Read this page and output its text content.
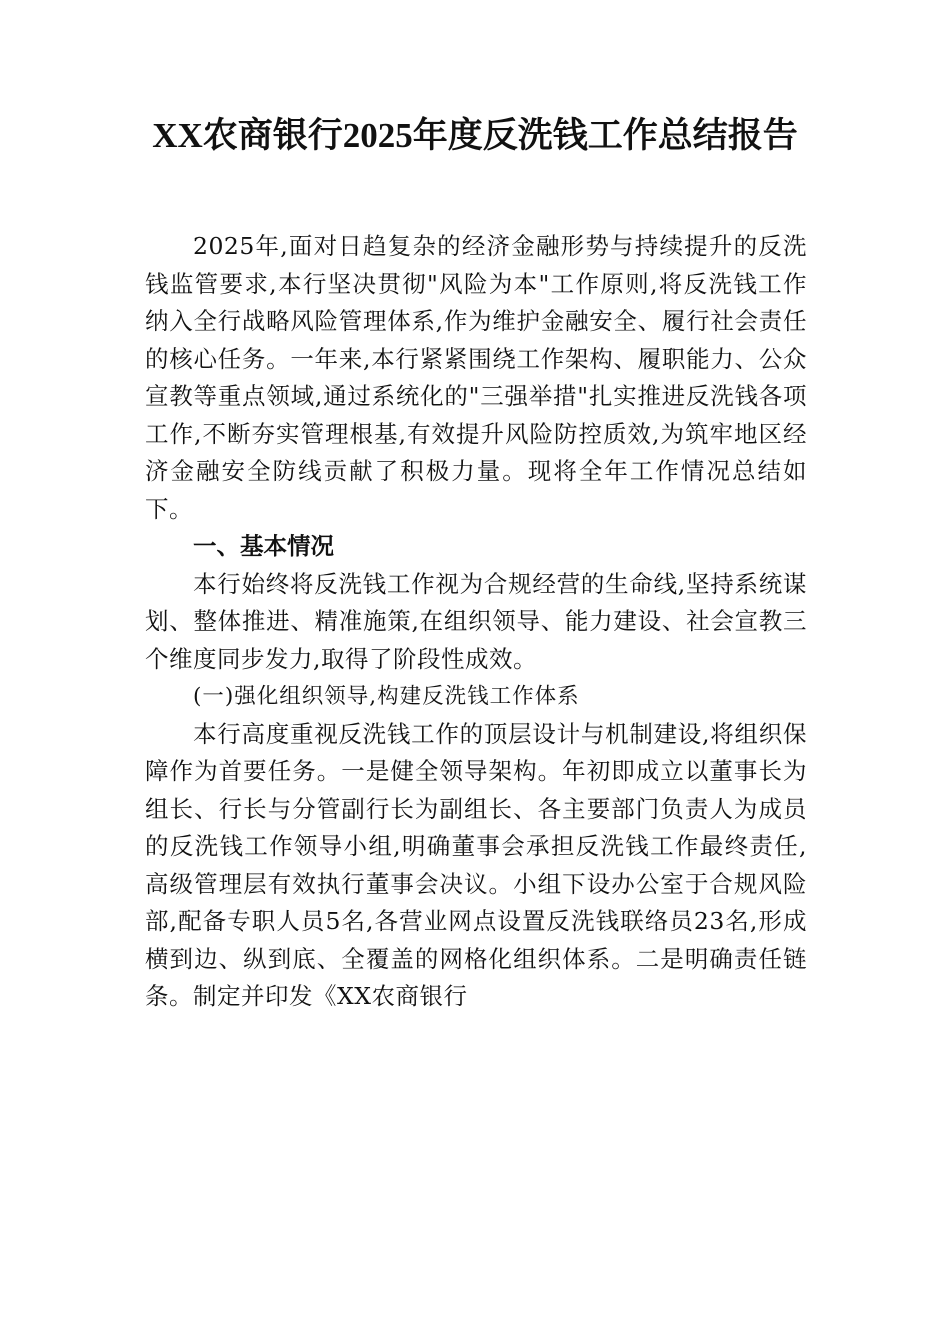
XX农商银行2025年度反洗钱工作总结报告

2025年,面对日趋复杂的经济金融形势与持续提升的反洗钱监管要求,本行坚决贯彻"风险为本"工作原则,将反洗钱工作纳入全行战略风险管理体系,作为维护金融安全、履行社会责任的核心任务。一年来,本行紧紧围绕工作架构、履职能力、公众宣教等重点领域,通过系统化的"三强举措"扎实推进反洗钱各项工作,不断夯实管理根基,有效提升风险防控质效,为筑牢地区经济金融安全防线贡献了积极力量。现将全年工作情况总结如下。

一、基本情况

本行始终将反洗钱工作视为合规经营的生命线,坚持系统谋划、整体推进、精准施策,在组织领导、能力建设、社会宣教三个维度同步发力,取得了阶段性成效。

(一)强化组织领导,构建反洗钱工作体系

本行高度重视反洗钱工作的顶层设计与机制建设,将组织保障作为首要任务。一是健全领导架构。年初即成立以董事长为组长、行长与分管副行长为副组长、各主要部门负责人为成员的反洗钱工作领导小组,明确董事会承担反洗钱工作最终责任,高级管理层有效执行董事会决议。小组下设办公室于合规风险部,配备专职人员5名,各营业网点设置反洗钱联络员23名,形成横到边、纵到底、全覆盖的网格化组织体系。二是明确责任链条。制定并印发《XX农商银行
